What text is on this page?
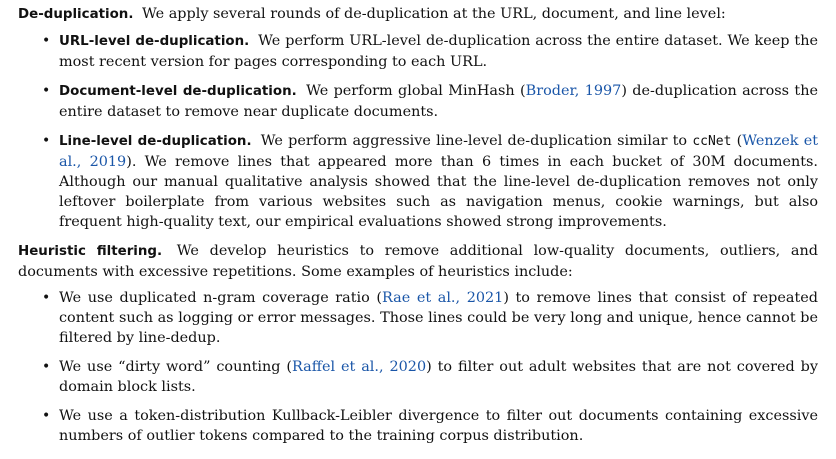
De-duplication. We apply several rounds of de-duplication at the URL, document, and line level:

• URL-level de-duplication. We perform URL-level de-duplication across the entire dataset. We keep the most recent version for pages corresponding to each URL.
• Document-level de-duplication. We perform global MinHash (Broder, 1997) de-duplication across the entire dataset to remove near duplicate documents.
• Line-level de-duplication. We perform aggressive line-level de-duplication similar to ccNet (Wenzek et al., 2019). We remove lines that appeared more than 6 times in each bucket of 30M documents. Although our manual qualitative analysis showed that the line-level de-duplication removes not only leftover boilerplate from various websites such as navigation menus, cookie warnings, but also frequent high-quality text, our empirical evaluations showed strong improvements.

Heuristic filtering. We develop heuristics to remove additional low-quality documents, outliers, and documents with excessive repetitions. Some examples of heuristics include:

• We use duplicated n-gram coverage ratio (Rae et al., 2021) to remove lines that consist of repeated content such as logging or error messages. Those lines could be very long and unique, hence cannot be filtered by line-dedup.
• We use “dirty word” counting (Raffel et al., 2020) to filter out adult websites that are not covered by domain block lists.
• We use a token-distribution Kullback-Leibler divergence to filter out documents containing excessive numbers of outlier tokens compared to the training corpus distribution.
